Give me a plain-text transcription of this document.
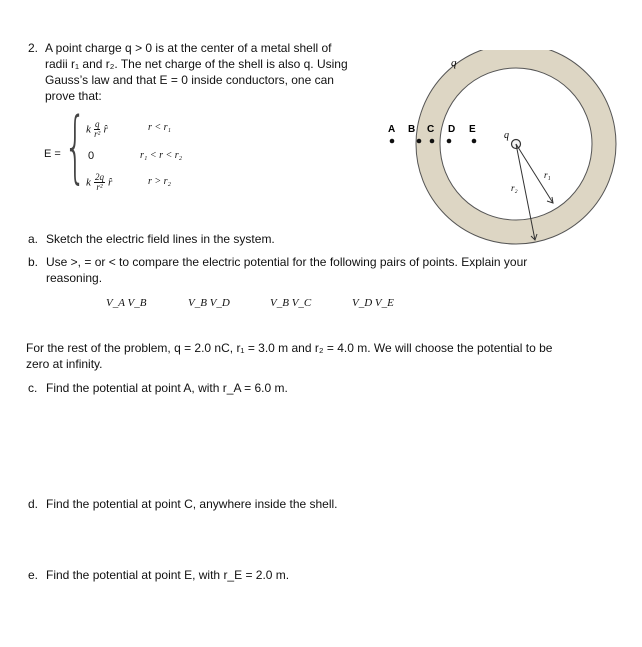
2. A point charge q > 0 is at the center of a metal shell of
radii r₁ and r₂. The net charge of the shell is also q. Using
Gauss’s law and that E = 0 inside conductors, one can
prove that:
E = { k $\frac{q}{\text{r²}}$ r̂	r < r₁
0	r₁ < r < r₂
k $\frac{2q}{\text{r²}}$ r̂	r > r₂
q
q
r₁
r₂
A B C D E
a. Sketch the electric field lines in the system.
b. Use >, = or < to compare the electric potential for the following pairs of points. Explain your
reasoning.
V_A V_B	V_B V_D	V_B V_C	V_D V_E
For the rest of the problem, q = 2.0 nC, r₁ = 3.0 m and r₂ = 4.0 m. We will choose the potential to be
zero at infinity.
c. Find the potential at point A, with r_A = 6.0 m.
d. Find the potential at point C, anywhere inside the shell.
e. Find the potential at point E, with r_E = 2.0 m.
